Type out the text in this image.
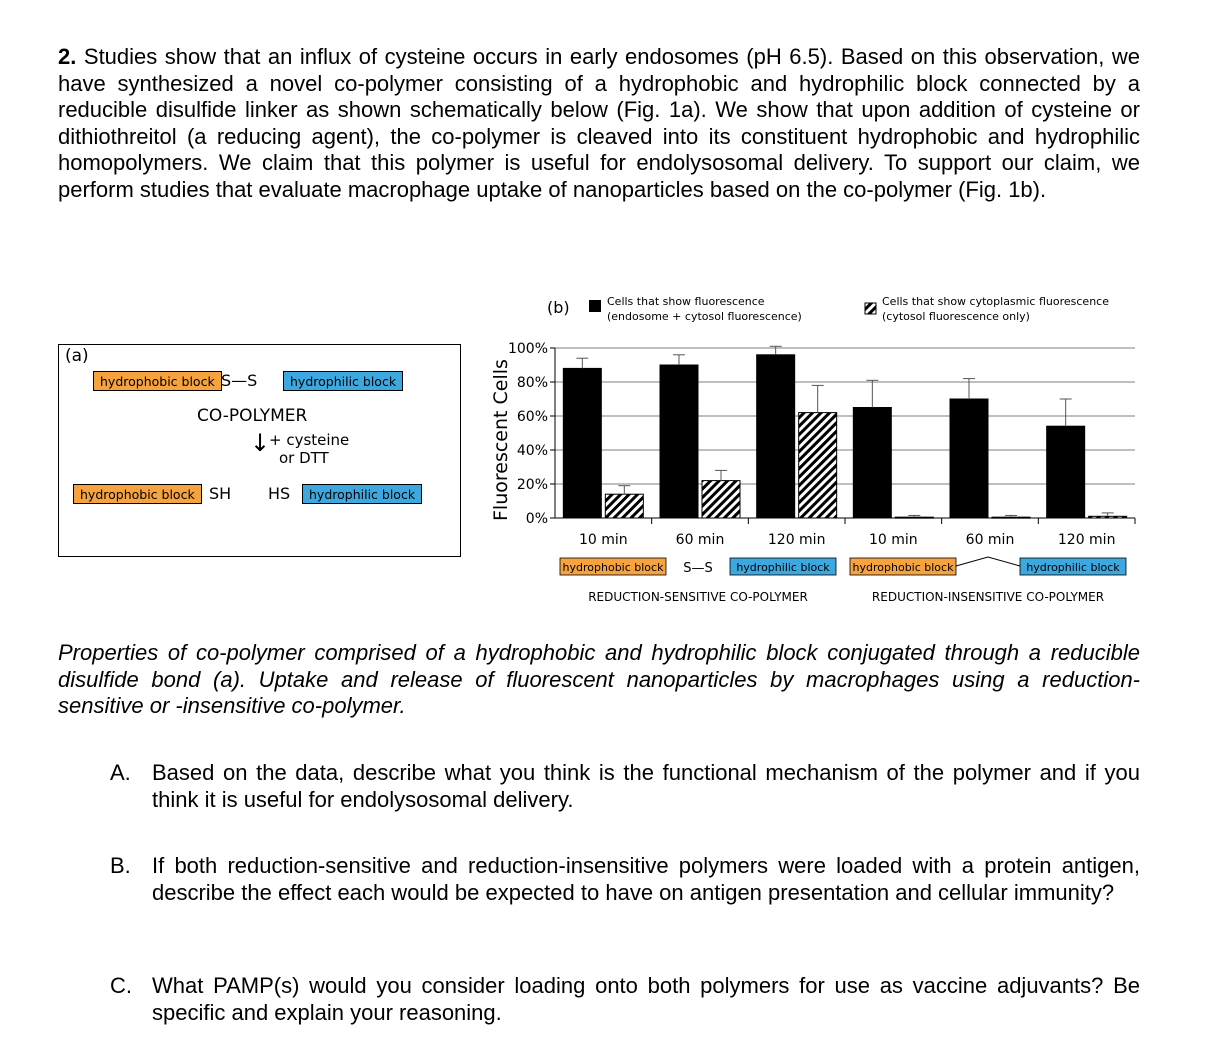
2. Studies show that an influx of cysteine occurs in early endosomes (pH 6.5). Based on this observation, we have synthesized a novel co-polymer consisting of a hydrophobic and hydrophilic block connected by a reducible disulfide linker as shown schematically below (Fig. 1a). We show that upon addition of cysteine or dithiothreitol (a reducing agent), the co-polymer is cleaved into its constituent hydrophobic and hydrophilic homopolymers. We claim that this polymer is useful for endolysosomal delivery. To support our claim, we perform studies that evaluate macrophage uptake of nanoparticles based on the co-polymer (Fig. 1b).
(a)
hydrophobic block S—S	hydrophilic block
CO-POLYMER
↓
+ cysteine
or DTT
hydrophobic block SH HS	hydrophilic block
(b)	Cells that show fluorescence
(endosome + cytosol fluorescence)
Cells that show cytoplasmic fluorescence
(cytosol fluorescence only)
Fluorescent Cells 0%
20%
40%
60%
80%
100%
10 min	60 min	120 min	10 min	60 min	120 min
hydrophobic block	hydrophilic block
S—S
REDUCTION-SENSITIVE CO-POLYMER
hydrophobic block	hydrophilic block
REDUCTION-INSENSITIVE CO-POLYMER
Properties of co-polymer comprised of a hydrophobic and hydrophilic block conjugated through a reducible disulfide bond (a). Uptake and release of fluorescent nanoparticles by macrophages using a reduction-sensitive or -insensitive co-polymer.
A. Based on the data, describe what you think is the functional mechanism of the polymer and if you think it is useful for endolysosomal delivery.
B. If both reduction-sensitive and reduction-insensitive polymers were loaded with a protein antigen, describe the effect each would be expected to have on antigen presentation and cellular immunity?
C. What PAMP(s) would you consider loading onto both polymers for use as vaccine adjuvants? Be specific and explain your reasoning.
